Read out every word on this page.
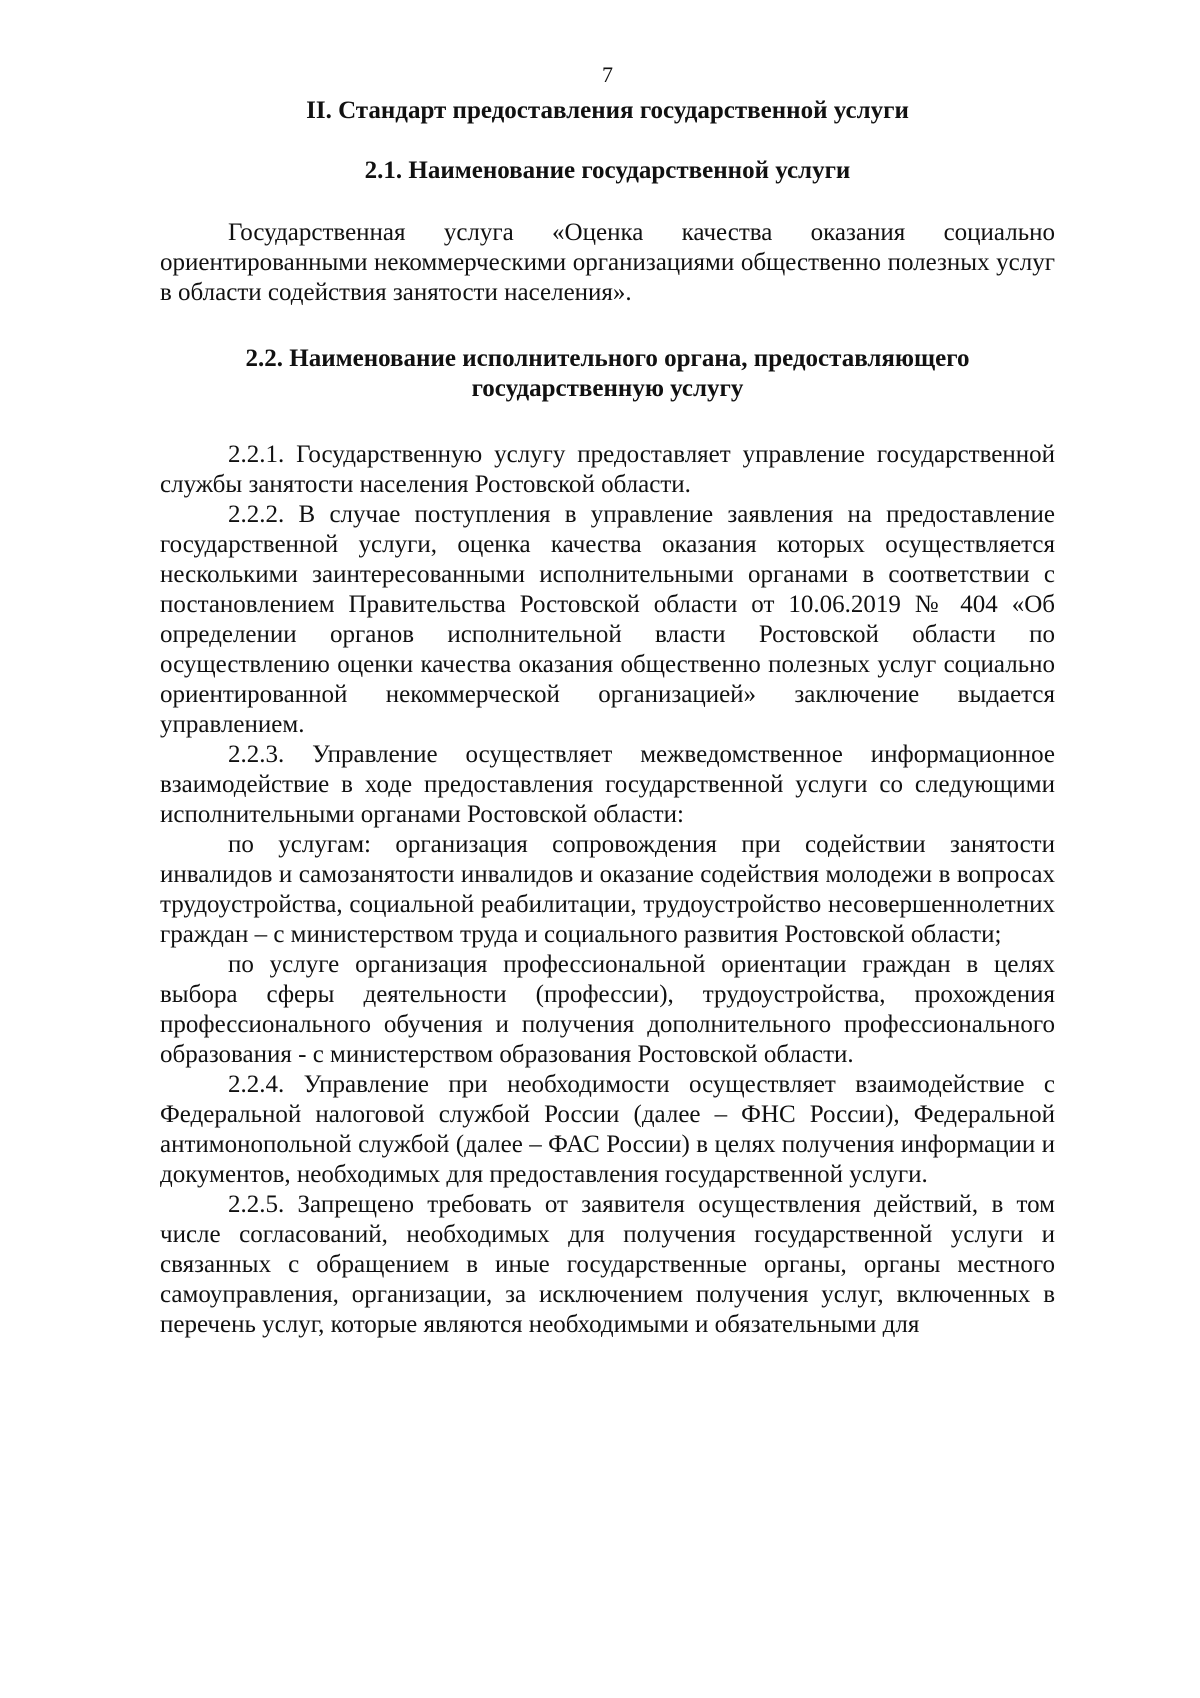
7
II. Стандарт предоставления государственной услуги
2.1. Наименование государственной услуги

Государственная услуга «Оценка качества оказания социально ориентированными некоммерческими организациями общественно полезных услуг в области содействия занятости населения».

2.2. Наименование исполнительного органа, предоставляющего государственную услугу

2.2.1. Государственную услугу предоставляет управление государственной службы занятости населения Ростовской области.

2.2.2. В случае поступления в управление заявления на предоставление государственной услуги, оценка качества оказания которых осуществляется несколькими заинтересованными исполнительными органами в соответствии с постановлением Правительства Ростовской области от 10.06.2019 № 404 «Об определении органов исполнительной власти Ростовской области по осуществлению оценки качества оказания общественно полезных услуг социально ориентированной некоммерческой организацией» заключение выдается управлением.

2.2.3. Управление осуществляет межведомственное информационное взаимодействие в ходе предоставления государственной услуги со следующими исполнительными органами Ростовской области:

по услугам: организация сопровождения при содействии занятости инвалидов и самозанятости инвалидов и оказание содействия молодежи в вопросах трудоустройства, социальной реабилитации, трудоустройство несовершеннолетних граждан – с министерством труда и социального развития Ростовской области;

по услуге организация профессиональной ориентации граждан в целях выбора сферы деятельности (профессии), трудоустройства, прохождения профессионального обучения и получения дополнительного профессионального образования - с министерством образования Ростовской области.

2.2.4. Управление при необходимости осуществляет взаимодействие с Федеральной налоговой службой России (далее – ФНС России), Федеральной антимонопольной службой (далее – ФАС России) в целях получения информации и документов, необходимых для предоставления государственной услуги.

2.2.5. Запрещено требовать от заявителя осуществления действий, в том числе согласований, необходимых для получения государственной услуги и связанных с обращением в иные государственные органы, органы местного самоуправления, организации, за исключением получения услуг, включенных в перечень услуг, которые являются необходимыми и обязательными для
